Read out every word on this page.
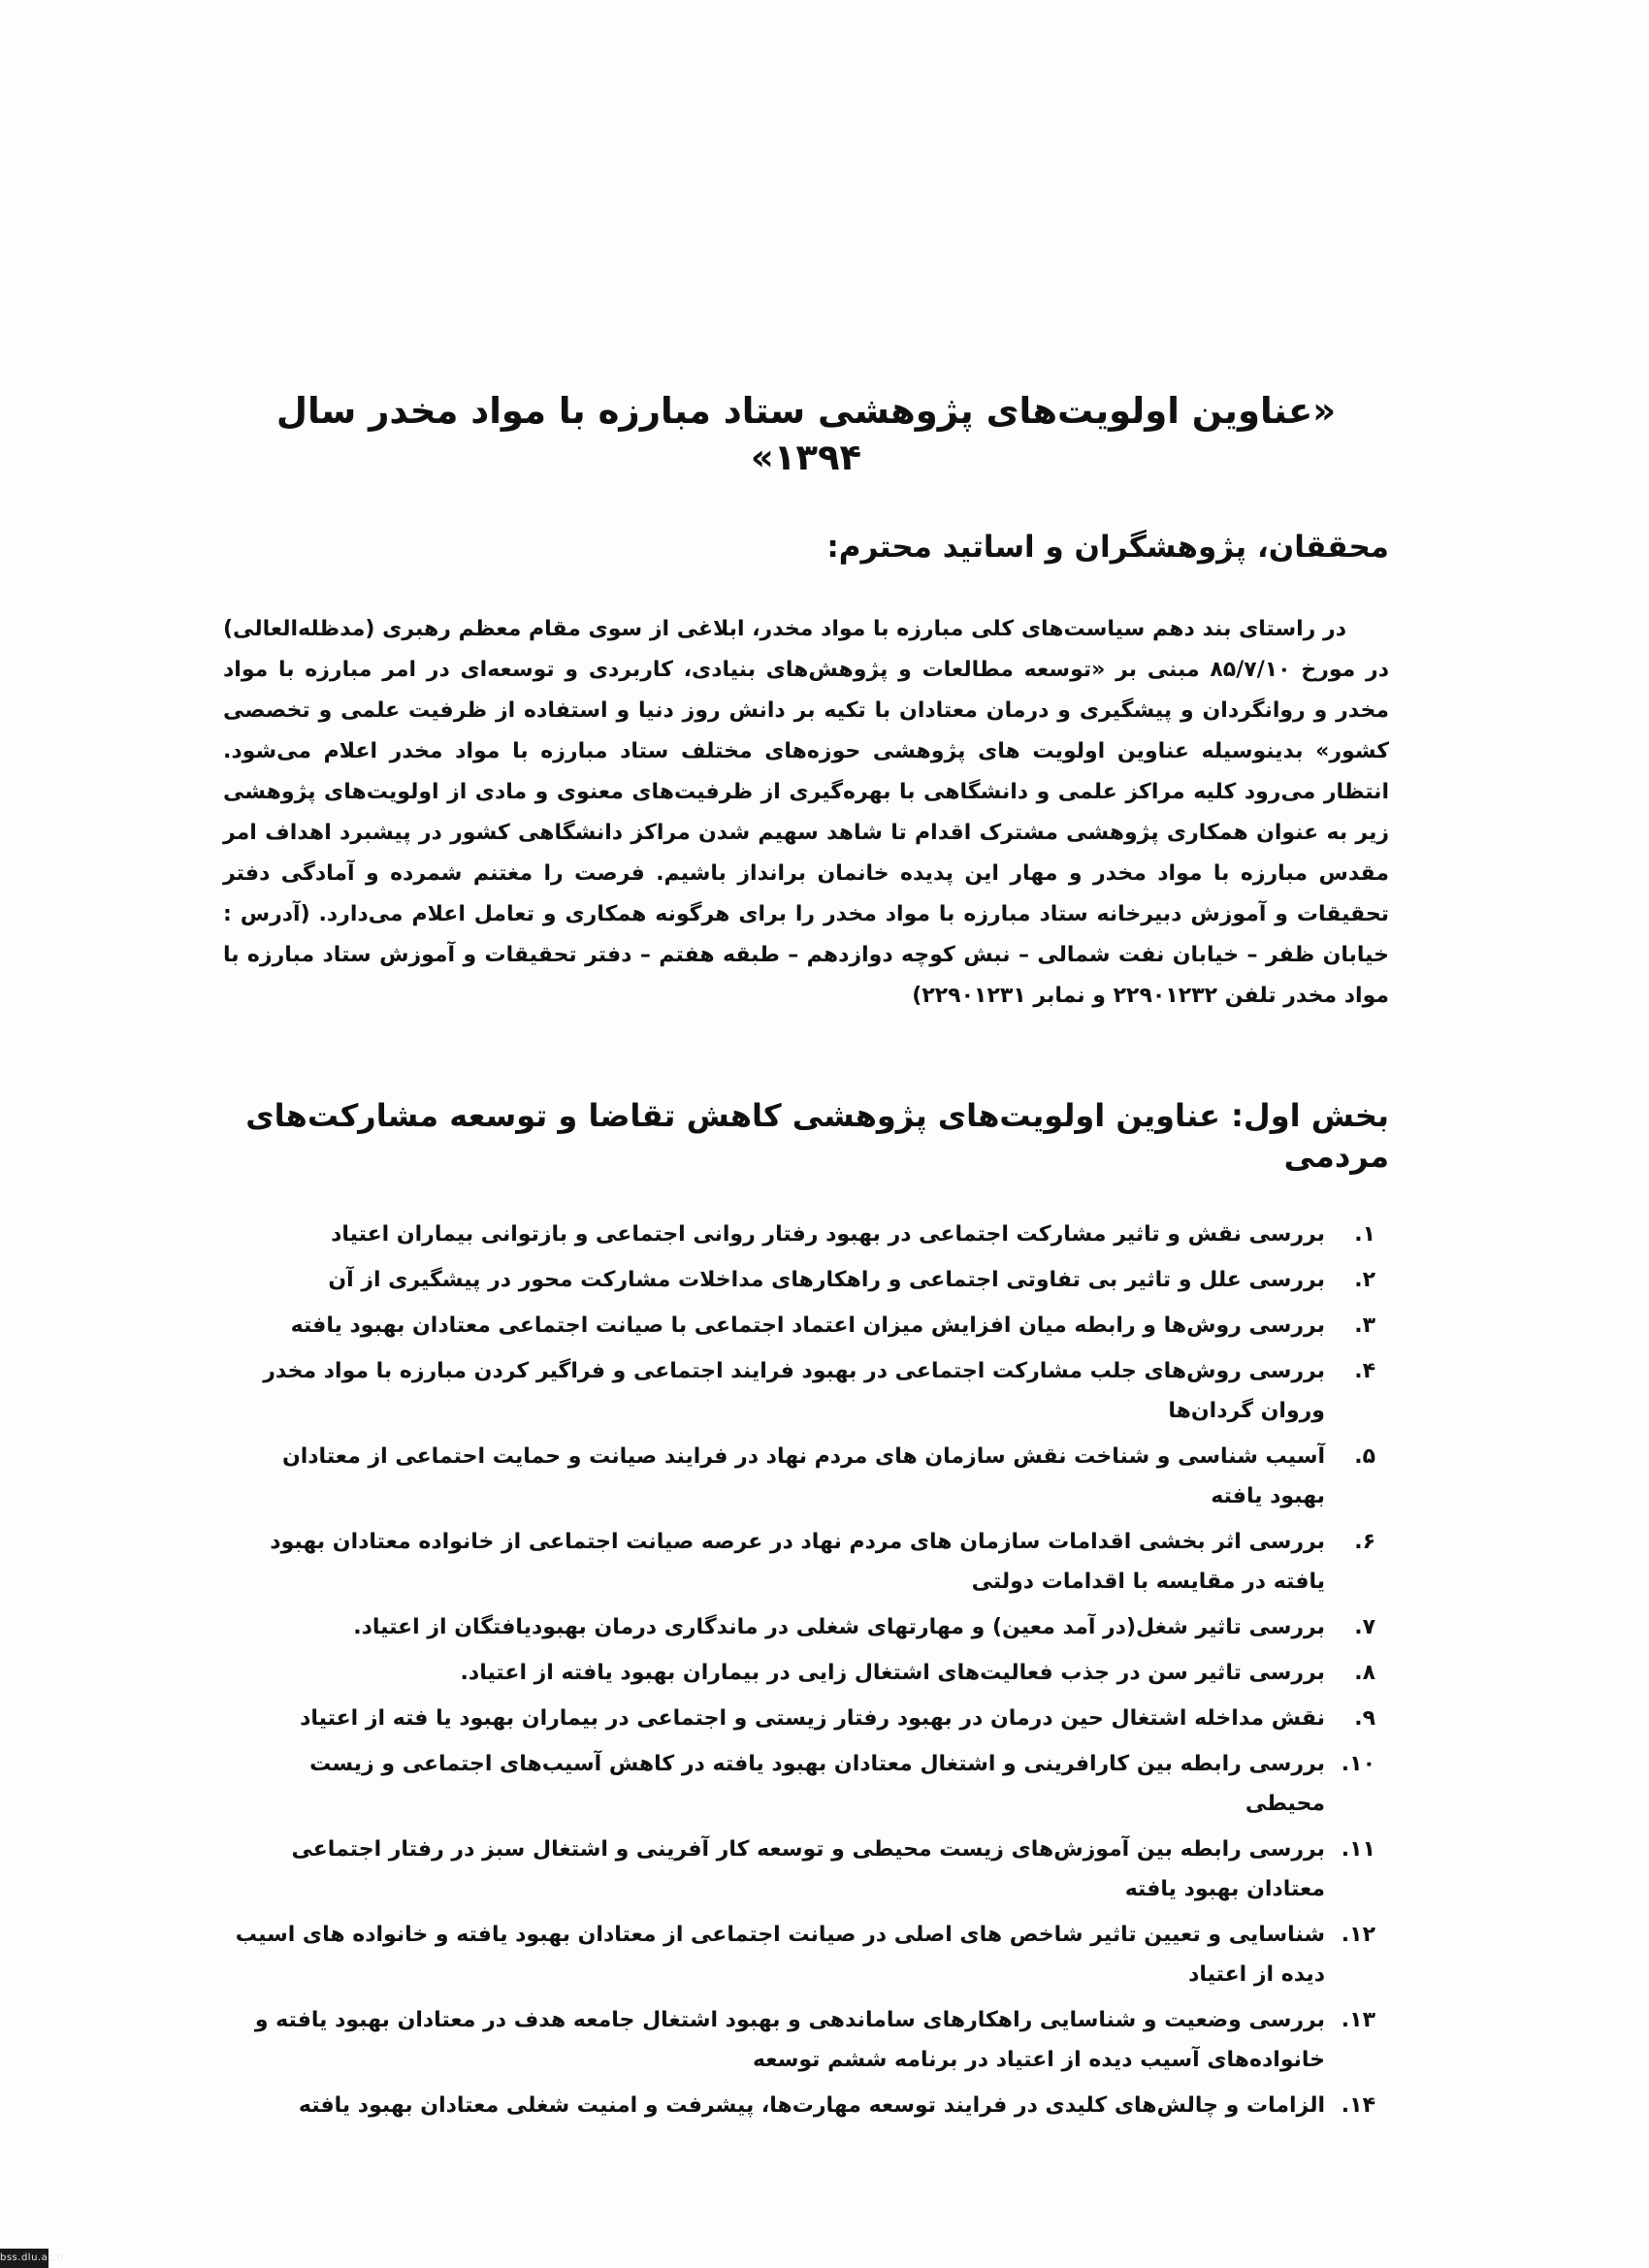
«عناوین اولویت‌های پژوهشی ستاد مبارزه با مواد مخدر سال ۱۳۹۴»
محققان، پژوهشگران و اساتید محترم:

در راستای بند دهم سیاست‌های کلی مبارزه با مواد مخدر، ابلاغی از سوی مقام معظم رهبری (مدظله‌العالی) در مورخ ۸۵/۷/۱۰ مبنی بر «توسعه مطالعات و پژوهش‌های بنیادی، کاربردی و توسعه‌ای در امر مبارزه با مواد مخدر و روانگردان و پیشگیری و درمان معتادان با تکیه بر دانش روز دنیا و استفاده از ظرفیت علمی و تخصصی کشور» بدینوسیله عناوین اولویت های پژوهشی حوزه‌های مختلف ستاد مبارزه با مواد مخدر اعلام می‌شود. انتظار می‌رود کلیه مراکز علمی و دانشگاهی با بهره‌گیری از ظرفیت‌های معنوی و مادی از اولویت‌های پژوهشی زیر به عنوان همکاری پژوهشی مشترک اقدام تا شاهد سهیم شدن مراکز دانشگاهی کشور در پیشبرد اهداف امر مقدس مبارزه با مواد مخدر و مهار این پدیده خانمان برانداز باشیم. فرصت را مغتنم شمرده و آمادگی دفتر تحقیقات و آموزش دبیرخانه ستاد مبارزه با مواد مخدر را برای هرگونه همکاری و تعامل اعلام می‌دارد. (آدرس : خیابان ظفر – خیابان نفت شمالی – نبش کوچه دوازدهم – طبقه هفتم – دفتر تحقیقات و آموزش ستاد مبارزه با مواد مخدر تلفن ۲۲۹۰۱۲۳۲ و نمابر ۲۲۹۰۱۲۳۱)

بخش اول: عناوین اولویت‌های پژوهشی کاهش تقاضا و توسعه مشارکت‌های مردمی
۱.
بررسی نقش و تاثیر مشارکت اجتماعی در بهبود رفتار روانی اجتماعی و بازتوانی بیماران اعتیاد
۲.
بررسی علل و تاثیر بی تفاوتی اجتماعی و راهکارهای مداخلات مشارکت محور در پیشگیری از آن
۳.
بررسی روش‌ها و رابطه میان افزایش میزان اعتماد اجتماعی با صیانت اجتماعی معتادان بهبود یافته
۴.
بررسی روش‌های جلب مشارکت اجتماعی در بهبود فرایند اجتماعی و فراگیر کردن مبارزه با مواد مخدر وروان گردان‌ها
۵.
آسیب شناسی و شناخت نقش سازمان های مردم نهاد در فرایند صیانت و حمایت احتماعی از معتادان بهبود یافته
۶.
بررسی اثر بخشی اقدامات سازمان های مردم نهاد در عرصه صیانت اجتماعی از خانواده معتادان بهبود یافته در مقایسه با اقدامات دولتی
۷.
بررسی تاثیر شغل(در آمد معین) و مهارتهای شغلی در ماندگاری درمان بهبودیافتگان از اعتیاد.
۸.
بررسی تاثیر سن در جذب فعالیت‌های اشتغال زایی در بیماران بهبود یافته از اعتیاد.
۹.
نقش مداخله اشتغال حین درمان در بهبود رفتار زیستی و اجتماعی در بیماران بهبود یا فته از اعتیاد
۱۰.
بررسی رابطه بین کارافرینی و اشتغال معتادان بهبود یافته در کاهش آسیب‌های اجتماعی و زیست محیطی
۱۱.
بررسی رابطه بین آموزش‌های زیست محیطی و توسعه کار آفرینی و اشتغال سبز در رفتار اجتماعی معتادان بهبود یافته
۱۲.
شناسایی و تعیین تاثیر شاخص های اصلی در صیانت اجتماعی از معتادان بهبود یافته و خانواده های اسیب دیده از اعتیاد
۱۳.
بررسی وضعیت و شناسایی راهکارهای ساماندهی و بهبود اشتغال جامعه هدف در معتادان بهبود یافته و خانواده‌های آسیب دیده از اعتیاد در برنامه ششم توسعه
۱۴.
الزامات و چالش‌های کلیدی در فرایند توسعه مهارت‌ها، پیشرفت و امنیت شغلی معتادان بهبود یافته
bss.dlu.ac.ir
